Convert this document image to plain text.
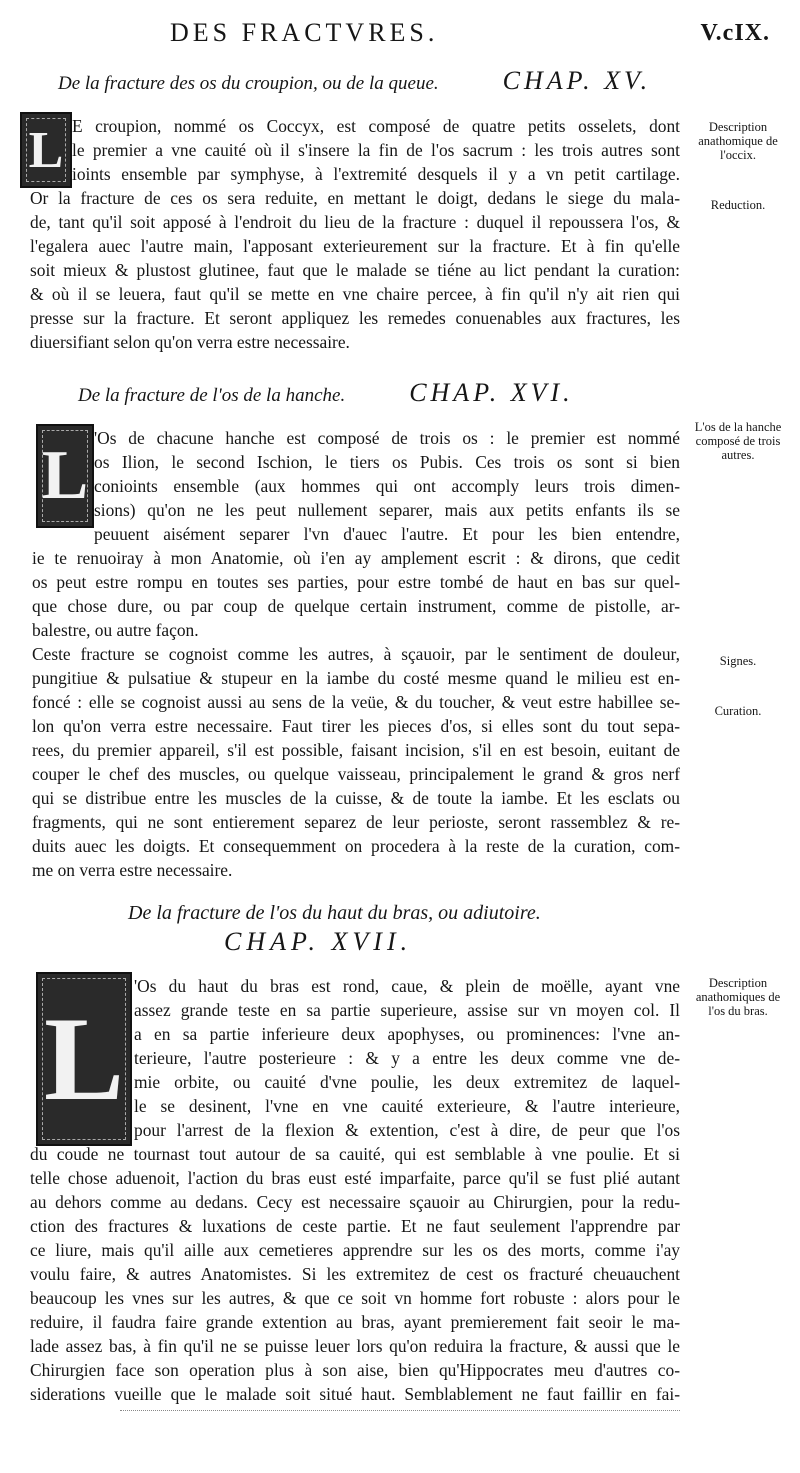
DES FRACTVRES.	V.cIX.
De la fracture des os du croupion, ou de la queue. CHAP. XV.
L E croupion, nommé os Coccyx, est composé de quatre petits osselets, dont
le premier a vne cauité où il s'insere la fin de l'os sacrum : les trois autres sont
ioints ensemble par symphyse, à l'extremité desquels il y a vn petit cartilage.
Or la fracture de ces os sera reduite, en mettant le doigt, dedans le siege du mala-
de, tant qu'il soit apposé à l'endroit du lieu de la fracture : duquel il repoussera l'os, &
l'egalera auec l'autre main, l'apposant exterieurement sur la fracture. Et à fin qu'elle
soit mieux & plustost glutinee, faut que le malade se tiéne au lict pendant la curation:
& où il se leuera, faut qu'il se mette en vne chaire percee, à fin qu'il n'y ait rien qui
presse sur la fracture. Et seront appliquez les remedes conuenables aux fractures, les
diuersifiant selon qu'on verra estre necessaire.
Description anathomique de l'occix.
Reduction.
De la fracture de l'os de la hanche. CHAP. XVI.
L 'Os de chacune hanche est composé de trois os : le premier est nommé
os Ilion, le second Ischion, le tiers os Pubis. Ces trois os sont si bien
conioints ensemble (aux hommes qui ont accomply leurs trois dimen-
sions) qu'on ne les peut nullement separer, mais aux petits enfants ils se
peuuent aisément separer l'vn d'auec l'autre. Et pour les bien entendre,
ie te renuoiray à mon Anatomie, où i'en ay amplement escrit : & dirons, que cedit
os peut estre rompu en toutes ses parties, pour estre tombé de haut en bas sur quel-
que chose dure, ou par coup de quelque certain instrument, comme de pistolle, ar-
balestre, ou autre façon.
Ceste fracture se cognoist comme les autres, à sçauoir, par le sentiment de douleur,
pungitiue & pulsatiue & stupeur en la iambe du costé mesme quand le milieu est en-
foncé : elle se cognoist aussi au sens de la veüe, & du toucher, & veut estre habillee se-
lon qu'on verra estre necessaire. Faut tirer les pieces d'os, si elles sont du tout sepa-
rees, du premier appareil, s'il est possible, faisant incision, s'il en est besoin, euitant de
couper le chef des muscles, ou quelque vaisseau, principalement le grand & gros nerf
qui se distribue entre les muscles de la cuisse, & de toute la iambe. Et les esclats ou
fragments, qui ne sont entierement separez de leur perioste, seront rassemblez & re-
duits auec les doigts. Et consequemment on procedera à la reste de la curation, com-
me on verra estre necessaire.
L'os de la hanche composé de trois autres.
Signes.
Curation.
De la fracture de l'os du haut du bras, ou adiutoire.
CHAP. XVII.
L
'Os du haut du bras est rond, caue, & plein de moëlle, ayant vne
assez grande teste en sa partie superieure, assise sur vn moyen col. Il
a en sa partie inferieure deux apophyses, ou prominences: l'vne an-
terieure, l'autre posterieure : & y a entre les deux comme vne de-
mie orbite, ou cauité d'vne poulie, les deux extremitez de laquel-
le se desinent, l'vne en vne cauité exterieure, & l'autre interieure,
pour l'arrest de la flexion & extention, c'est à dire, de peur que l'os
du coude ne tournast tout autour de sa cauité, qui est semblable à vne poulie. Et si
telle chose aduenoit, l'action du bras eust esté imparfaite, parce qu'il se fust plié autant
au dehors comme au dedans. Cecy est necessaire sçauoir au Chirurgien, pour la redu-
ction des fractures & luxations de ceste partie. Et ne faut seulement l'apprendre par
ce liure, mais qu'il aille aux cemetieres apprendre sur les os des morts, comme i'ay
voulu faire, & autres Anatomistes. Si les extremitez de cest os fracturé cheuauchent
beaucoup les vnes sur les autres, & que ce soit vn homme fort robuste : alors pour le
reduire, il faudra faire grande extention au bras, ayant premierement fait seoir le ma-
lade assez bas, à fin qu'il ne se puisse leuer lors qu'on reduira la fracture, & aussi que le
Chirurgien face son operation plus à son aise, bien qu'Hippocrates meu d'autres co-
siderations vueille que le malade soit situé haut. Semblablement ne faut faillir en fai-
Description anathomiques de l'os du bras.
